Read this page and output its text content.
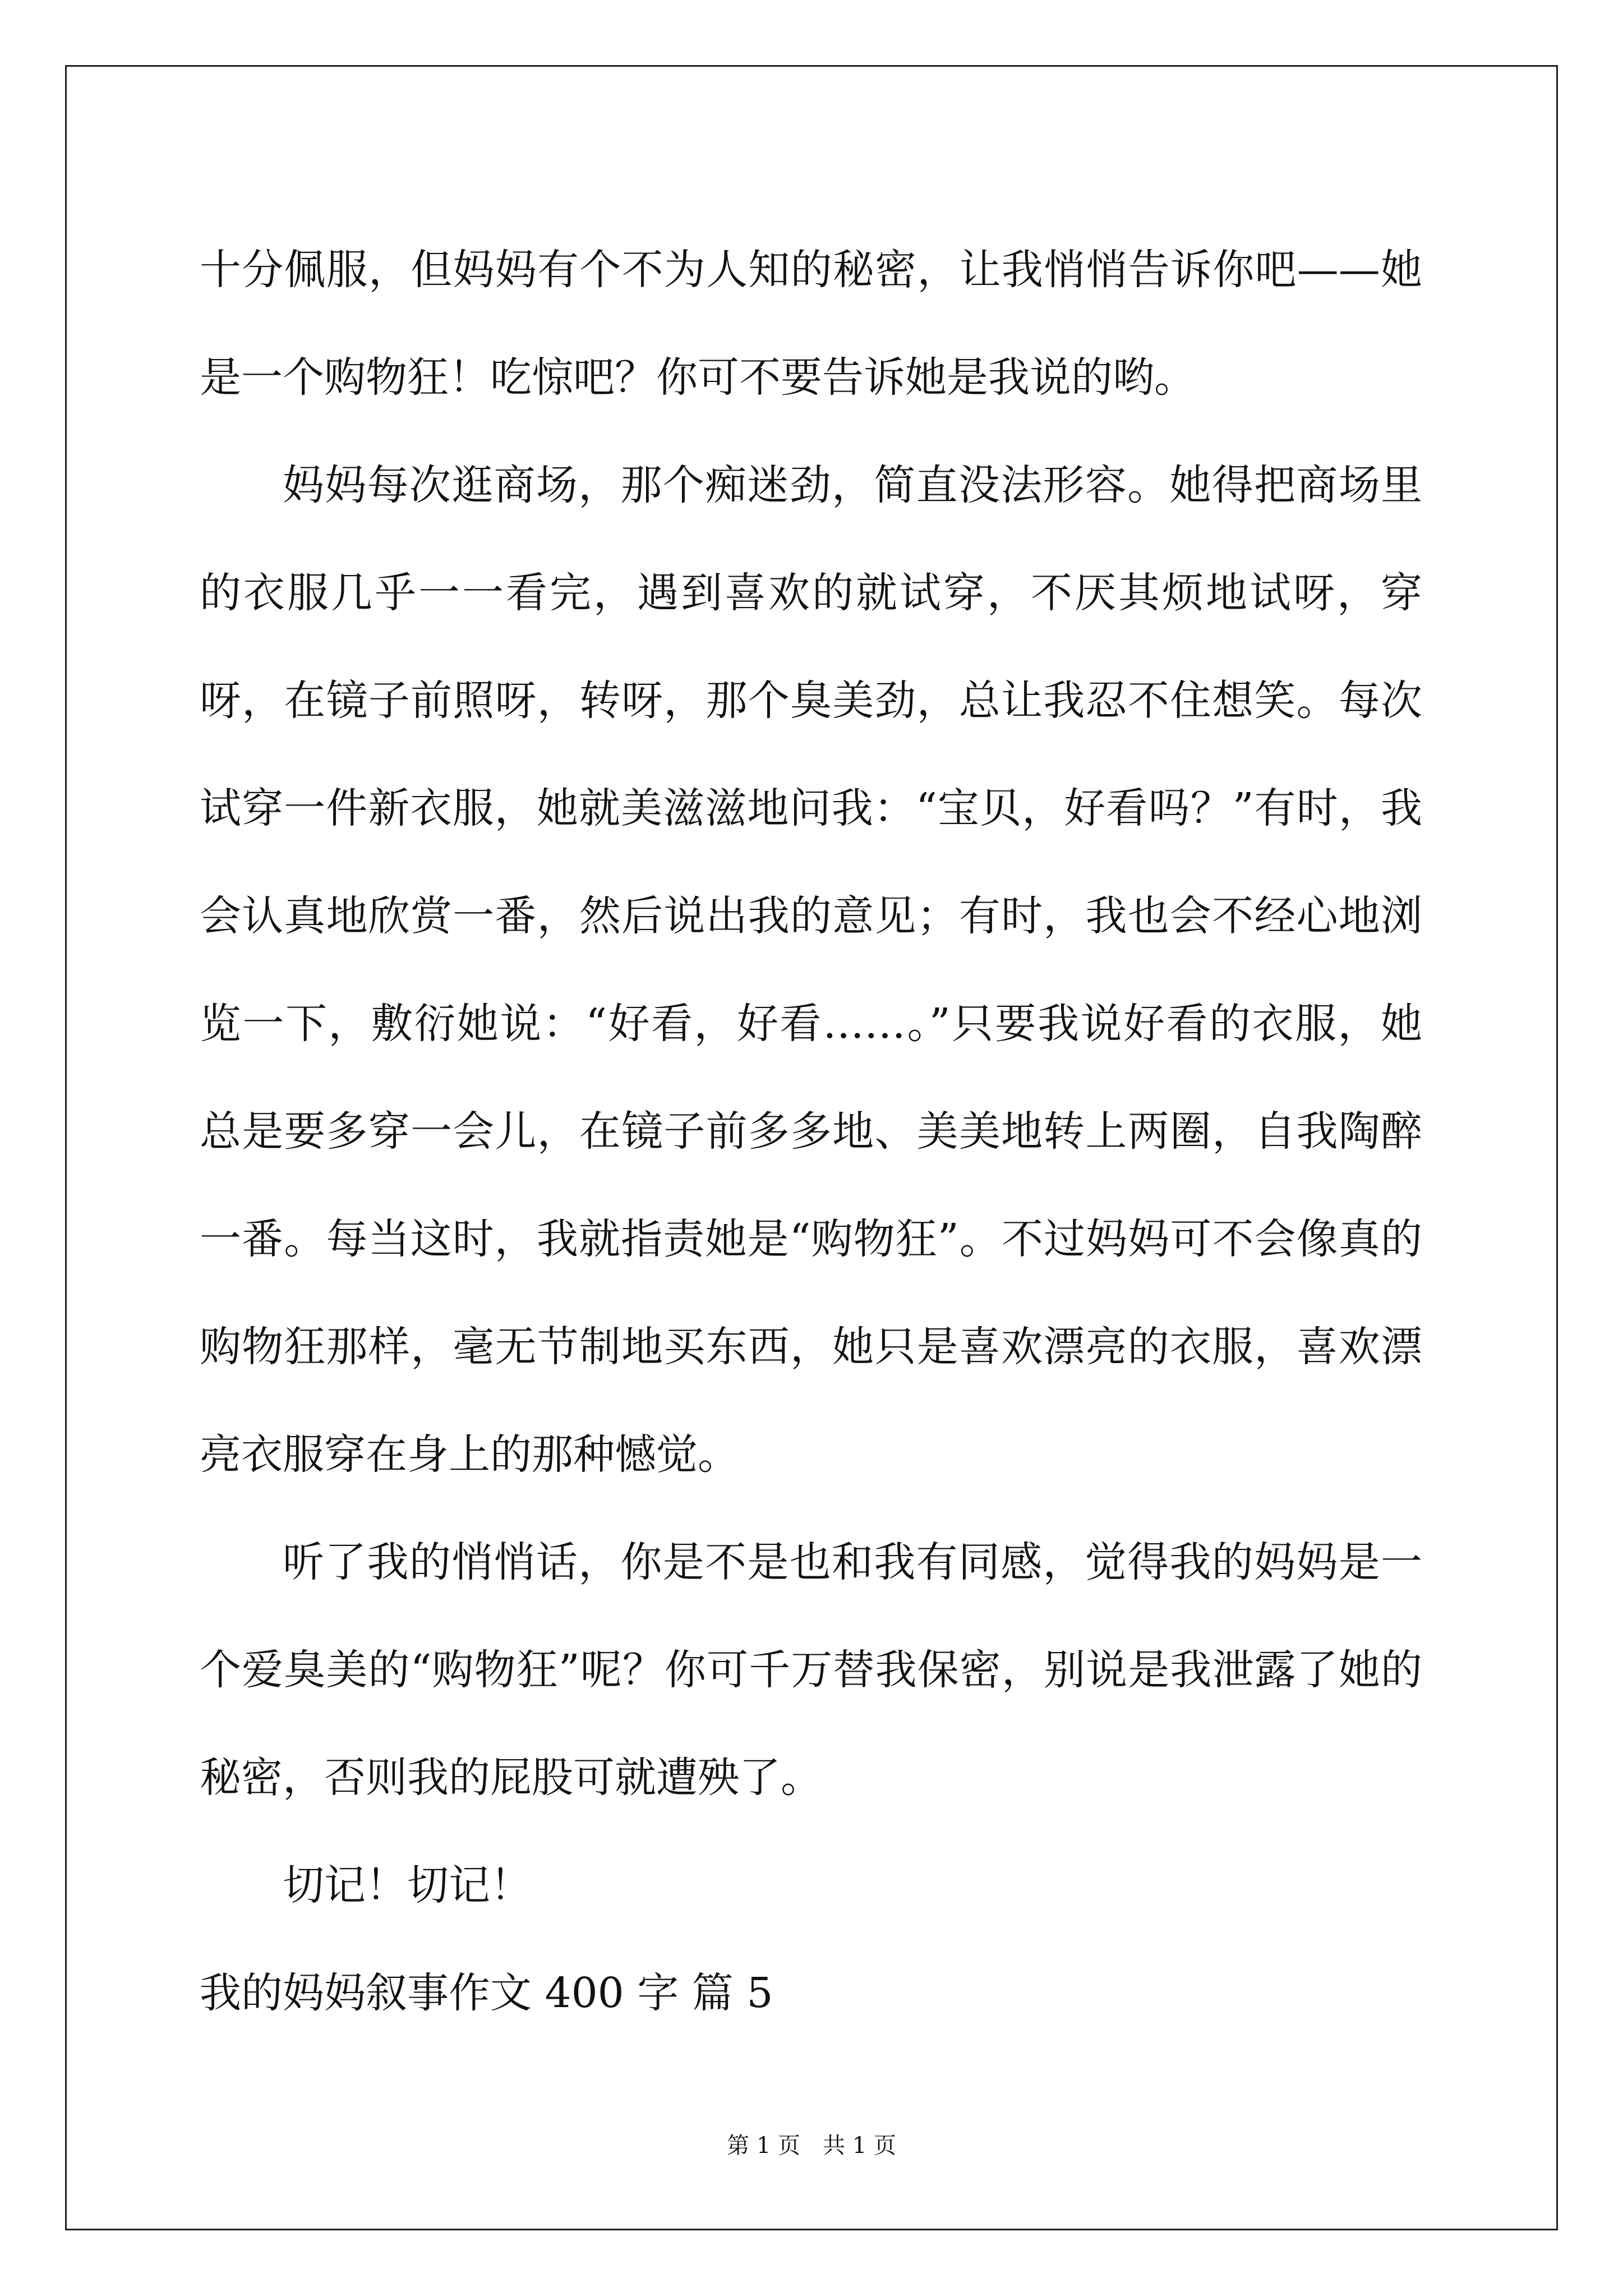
十分佩服，但妈妈有个不为人知的秘密，让我悄悄告诉你吧——她是一个购物狂！吃惊吧？你可不要告诉她是我说的哟。

妈妈每次逛商场，那个痴迷劲，简直没法形容。她得把商场里的衣服几乎一一看完，遇到喜欢的就试穿，不厌其烦地试呀，穿呀，在镜子前照呀，转呀，那个臭美劲，总让我忍不住想笑。每次试穿一件新衣服，她就美滋滋地问我：“宝贝，好看吗？”有时，我会认真地欣赏一番，然后说出我的意见；有时，我也会不经心地浏览一下，敷衍她说：“好看，好看……。”只要我说好看的衣服，她总是要多穿一会儿，在镜子前多多地、美美地转上两圈，自我陶醉一番。每当这时，我就指责她是“购物狂”。不过妈妈可不会像真的购物狂那样，毫无节制地买东西，她只是喜欢漂亮的衣服，喜欢漂亮衣服穿在身上的那种憾觉。

听了我的悄悄话，你是不是也和我有同感，觉得我的妈妈是一个爱臭美的“购物狂”呢？你可千万替我保密，别说是我泄露了她的秘密，否则我的屁股可就遭殃了。

切记！切记！

我的妈妈叙事作文 400 字 篇 5

第 1 页 共 1 页
